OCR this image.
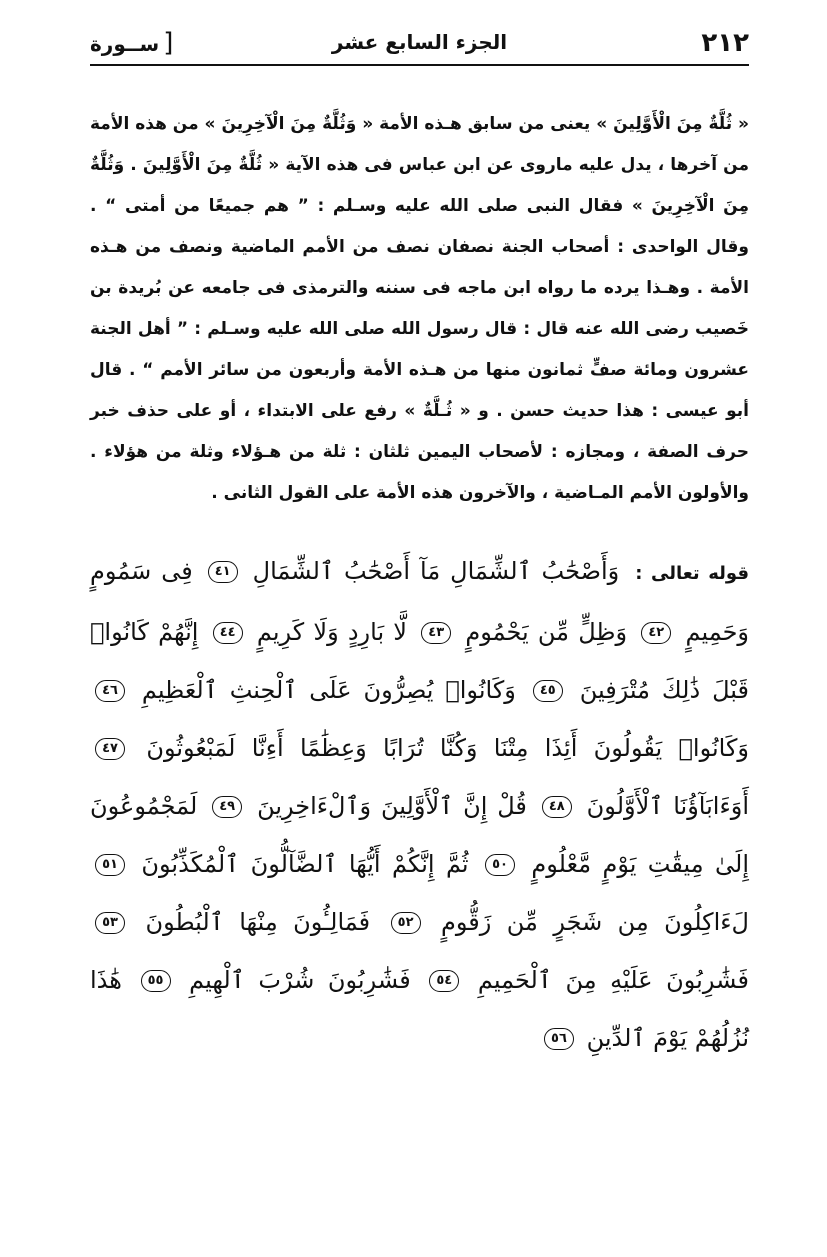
٢١٢
الجزء السابع عشر
[ســورة

« ثُلَّةٌ مِنَ الْأَوَّلِينَ » يعنى من سابق هـذه الأمة « وَثُلَّةٌ مِنَ الْآخِرِينَ » من هذه الأمة من آخرها ، يدل عليه ماروى عن ابن عباس فى هذه الآية « ثُلَّةٌ مِنَ الْأَوَّلِينَ . وَثُلَّةٌ مِنَ الْآخِرِينَ » فقال النبى صلى الله عليه وسـلم : ” هم جميعًا من أمتى “ . وقال الواحدى : أصحاب الجنة نصفان نصف من الأمم الماضية ونصف من هـذه الأمة . وهـذا يرده ما رواه ابن ماجه فى سننه والترمذى فى جامعه عن بُريدة بن خَصيب رضى الله عنه قال : قال رسول الله صلى الله عليه وسـلم : ” أهل الجنة عشرون ومائة صفٍّ ثمانون منها من هـذه الأمة وأربعون من سائر الأمم “ . قال أبو عيسى : هذا حديث حسن . و « ثُـلَّةٌ » رفع على الابتداء ، أو على حذف خبر حرف الصفة ، ومجازه : لأصحاب اليمين ثلثان : ثلة من هـؤلاء وثلة من هؤلاء . والأولون الأمم المـاضية ، والآخرون هذه الأمة على القول الثانى .

قوله تعالى : وَأَصْحَٰبُ ٱلشِّمَالِ مَآ أَصْحَٰبُ ٱلشِّمَالِ ٤١ فِى سَمُومٍ وَحَمِيمٍ ٤٢ وَظِلٍّ مِّن يَحْمُومٍ ٤٣ لَّا بَارِدٍ وَلَا كَرِيمٍ ٤٤ إِنَّهُمْ كَانُوا۟ قَبْلَ ذَٰلِكَ مُتْرَفِينَ ٤٥ وَكَانُوا۟ يُصِرُّونَ عَلَى ٱلْحِنثِ ٱلْعَظِيمِ ٤٦ وَكَانُوا۟ يَقُولُونَ أَئِذَا مِتْنَا وَكُنَّا تُرَابًا وَعِظَٰمًا أَءِنَّا لَمَبْعُوثُونَ ٤٧ أَوَءَابَآؤُنَا ٱلْأَوَّلُونَ ٤٨ قُلْ إِنَّ ٱلْأَوَّلِينَ وَٱلْءَاخِرِينَ ٤٩ لَمَجْمُوعُونَ إِلَىٰ مِيقَٰتِ يَوْمٍ مَّعْلُومٍ ٥٠ ثُمَّ إِنَّكُمْ أَيُّهَا ٱلضَّآلُّونَ ٱلْمُكَذِّبُونَ ٥١ لَءَاكِلُونَ مِن شَجَرٍ مِّن زَقُّومٍ ٥٢ فَمَالِـُٔونَ مِنْهَا ٱلْبُطُونَ ٥٣ فَشَٰرِبُونَ عَلَيْهِ مِنَ ٱلْحَمِيمِ ٥٤ فَشَٰرِبُونَ شُرْبَ ٱلْهِيمِ ٥٥ هَٰذَا نُزُلُهُمْ يَوْمَ ٱلدِّينِ ٥٦
